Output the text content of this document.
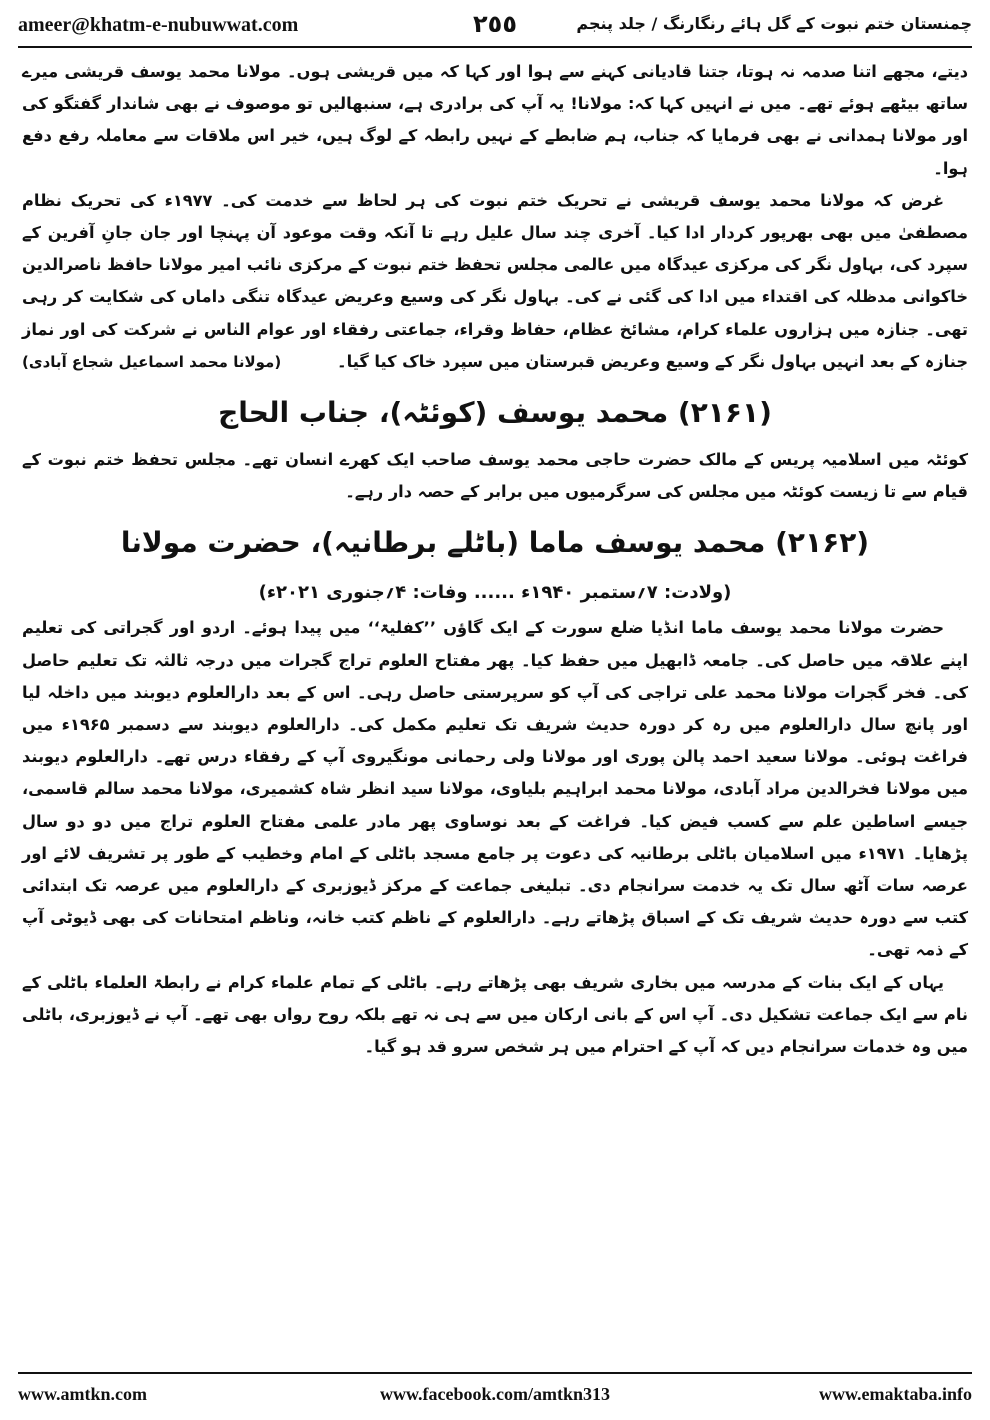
ameer@khatm-e-nubuwwat.com	٢٥٥	چمنستان ختم نبوت کے گل ہائے رنگارنگ / جلد پنجم

دیتے، مجھے اتنا صدمہ نہ ہوتا، جتنا قادیانی کہنے سے ہوا اور کہا کہ میں قریشی ہوں۔ مولانا محمد یوسف قریشی میرے ساتھ بیٹھے ہوئے تھے۔ میں نے انہیں کہا کہ: مولانا! یہ آپ کی برادری ہے، سنبھالیں تو موصوف نے بھی شاندار گفتگو کی اور مولانا ہمدانی نے بھی فرمایا کہ جناب، ہم ضابطے کے نہیں رابطہ کے لوگ ہیں، خیر اس ملاقات سے معاملہ رفع دفع ہوا۔

غرض کہ مولانا محمد یوسف قریشی نے تحریک ختم نبوت کی ہر لحاظ سے خدمت کی۔ ۱۹۷۷ء کی تحریک نظام مصطفیٰ میں بھی بھرپور کردار ادا کیا۔ آخری چند سال علیل رہے تا آنکہ وقت موعود آن پہنچا اور جان جانِ آفرین کے سپرد کی، بہاول نگر کی مرکزی عیدگاہ میں عالمی مجلس تحفظ ختم نبوت کے مرکزی نائب امیر مولانا حافظ ناصرالدین خاکوانی مدظلہ کی اقتداء میں ادا کی گئی نے کی۔ بہاول نگر کی وسیع وعریض عیدگاہ تنگی داماں کی شکایت کر رہی تھی۔ جنازہ میں ہزاروں علماء کرام، مشائخ عظام، حفاظ وقراء، جماعتی رفقاء اور عوام الناس نے شرکت کی اور نماز جنازہ کے بعد انہیں بہاول نگر کے وسیع وعریض قبرستان میں سپرد خاک کیا گیا۔
(مولانا محمد اسماعیل شجاع آبادی)

(۲۱۶۱) محمد یوسف (کوئٹہ)، جناب الحاج

کوئٹہ میں اسلامیہ پریس کے مالک حضرت حاجی محمد یوسف صاحب ایک کھرے انسان تھے۔ مجلس تحفظ ختم نبوت کے قیام سے تا زیست کوئٹہ میں مجلس کی سرگرمیوں میں برابر کے حصہ دار رہے۔

(۲۱۶۲) محمد یوسف ماما (باٹلے برطانیہ)، حضرت مولانا
(ولادت: ۷؍ستمبر ۱۹۴۰ء ...... وفات: ۴؍جنوری ۲۰۲۱ء)

حضرت مولانا محمد یوسف ماما انڈیا ضلع سورت کے ایک گاؤں ’’کفلیۃ‘‘ میں پیدا ہوئے۔ اردو اور گجراتی کی تعلیم اپنے علاقہ میں حاصل کی۔ جامعہ ڈابھیل میں حفظ کیا۔ پھر مفتاح العلوم تراج گجرات میں درجہ ثالثہ تک تعلیم حاصل کی۔ فخر گجرات مولانا محمد علی تراجی کی آپ کو سرپرستی حاصل رہی۔ اس کے بعد دارالعلوم دیوبند میں داخلہ لیا اور پانچ سال دارالعلوم میں رہ کر دورہ حدیث شریف تک تعلیم مکمل کی۔ دارالعلوم دیوبند سے دسمبر ۱۹۶۵ء میں فراغت ہوئی۔ مولانا سعید احمد پالن پوری اور مولانا ولی رحمانی مونگیروی آپ کے رفقاء درس تھے۔ دارالعلوم دیوبند میں مولانا فخرالدین مراد آبادی، مولانا محمد ابراہیم بلیاوی، مولانا سید انظر شاہ کشمیری، مولانا محمد سالم قاسمی، جیسے اساطین علم سے کسب فیض کیا۔ فراغت کے بعد نوساوی پھر مادر علمی مفتاح العلوم تراج میں دو دو سال پڑھایا۔ ۱۹۷۱ء میں اسلامیان باٹلی برطانیہ کی دعوت پر جامع مسجد باٹلی کے امام وخطیب کے طور پر تشریف لائے اور عرصہ سات آٹھ سال تک یہ خدمت سرانجام دی۔ تبلیغی جماعت کے مرکز ڈیوزبری کے دارالعلوم میں عرصہ تک ابتدائی کتب سے دورہ حدیث شریف تک کے اسباق پڑھاتے رہے۔ دارالعلوم کے ناظم کتب خانہ، وناظم امتحانات کی بھی ڈیوٹی آپ کے ذمہ تھی۔

یہاں کے ایک بنات کے مدرسہ میں بخاری شریف بھی پڑھاتے رہے۔ باٹلی کے تمام علماء کرام نے رابطۃ العلماء باٹلی کے نام سے ایک جماعت تشکیل دی۔ آپ اس کے بانی ارکان میں سے ہی نہ تھے بلکہ روح رواں بھی تھے۔ آپ نے ڈیوزبری، باٹلی میں وہ خدمات سرانجام دیں کہ آپ کے احترام میں ہر شخص سرو قد ہو گیا۔

www.amtkn.com	www.facebook.com/amtkn313	www.emaktaba.info
